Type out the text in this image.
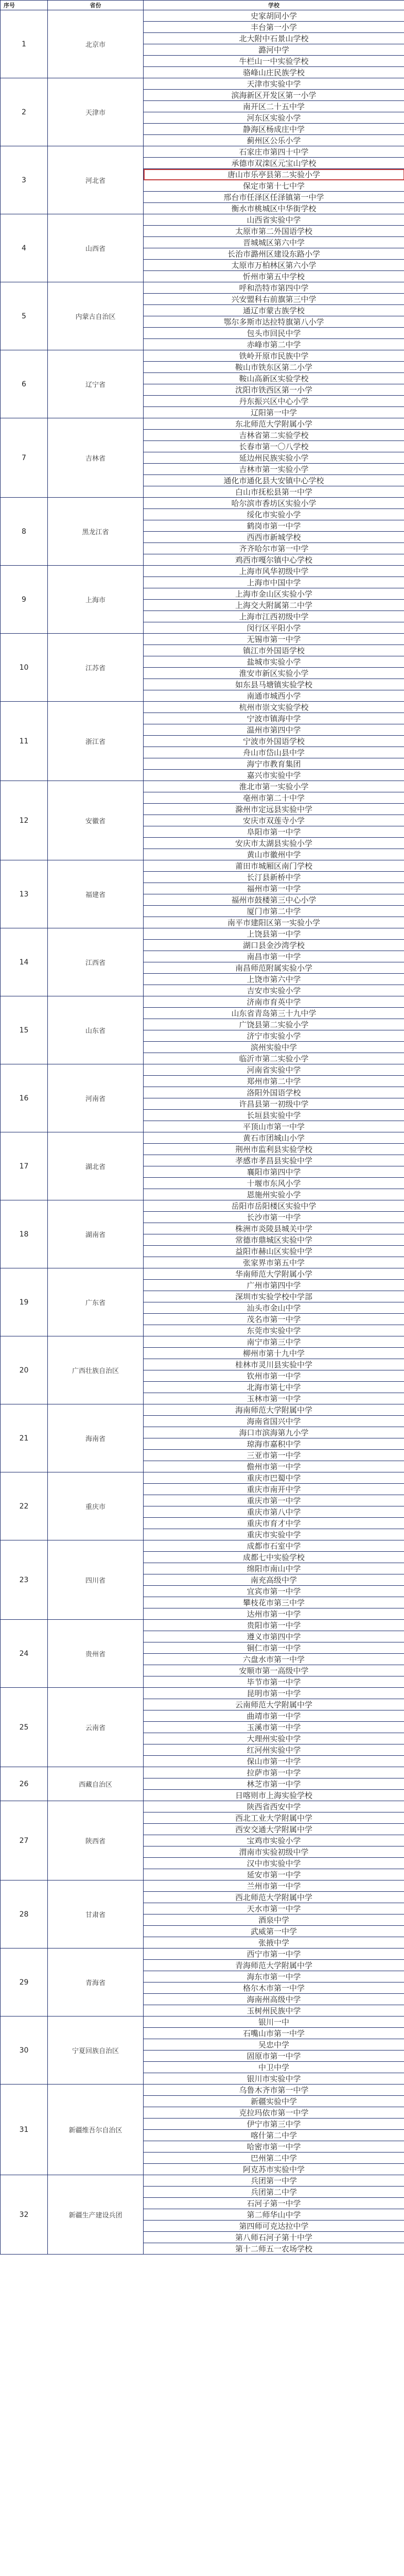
序号	省份	学校
1	北京市	史家胡同小学
		丰台第一小学
		北大附中石景山学校
		潞河中学
		牛栏山一中实验学校
		骆峰山庄民族学校
2	天津市	天津市实验中学
		滨海新区开发区第一小学
		南开区二十五中学
		河东区实验小学
		静海区杨成庄中学
		蓟州区公乐小学
3	河北省	石家庄市第四十中学
		承德市双滦区元宝山学校
		唐山市乐亭县第二实验小学
		保定市第十七中学
		邢台市任泽区任泽镇第一中学
		衡水市桃城区中华街学校
4	山西省	山西省实验中学
		太原市第二外国语学校
		晋城城区第六中学
		长治市潞州区建设东路小学
		太原市万柏林区第六小学
		忻州市第五中学校
5	内蒙古自治区	呼和浩特市第四中学
		兴安盟科右前旗第三中学
		通辽市蒙古族学校
		鄂尔多斯市达拉特旗第八小学
		包头市回民中学
		赤峰市第二中学
6	辽宁省	铁岭开原市民族中学
		鞍山市铁东区第二小学
		鞍山高新区实验学校
		沈阳市铁西区第一小学
		丹东振兴区中心小学
		辽阳第一中学
7	吉林省	东北师范大学附属小学
		吉林省第二实验学校
		长春市第一〇八学校
		延边州民族实验小学
		吉林市第一实验小学
		通化市通化县大安镇中心学校
		白山市抚松县第一中学
8	黑龙江省	哈尔滨市香坊区实验小学
		绥化市实验小学
		鹤岗市第一中学
		西西市新城学校
		齐齐哈尔市第一中学
		鸡西市嘎尔镇中心学校
9	上海市	上海市风华初级中学
		上海市中国中学
		上海市金山区实验小学
		上海交大附属第二中学
		上海市江西初级中学
		闵行区平阳小学
10	江苏省	无锡市第一中学
		镇江市外国语学校
		盐城市实验小学
		淮安市新区实验小学
		如东县马塘镇实验学校
		南通市城西小学
11	浙江省	杭州市崇文实验学校
		宁波市镇海中学
		温州市第四中学
		宁波市外国语学校
		舟山市岱山县中学
		海宁市教育集团
		嘉兴市实验中学
12	安徽省	淮北市第一实验小学
		亳州市第二十中学
		滁州市定远县实验中学
		安庆市双莲寺小学
		阜阳市第一中学
		安庆市太湖县实验小学
		黄山市徽州中学
13	福建省	莆田市城厢区南门学校
		长汀县新桥中学
		福州市第一中学
		福州市鼓楼第三中心小学
		厦门市第二中学
		南平市建阳区第一实验小学
14	江西省	上饶县第一中学
		湖口县金沙湾学校
		南昌市第一中学
		南昌师范附属实验小学
		上饶市第六中学
		吉安市实验小学
15	山东省	济南市育英中学
		山东省青岛第三十九中学
		广饶县第二实验小学
		济宁市实验小学
		滨州实验中学
		临沂市第二实验小学
16	河南省	河南省实验中学
		郑州市第二中学
		洛阳外国语学校
		许昌县第一初级中学
		长垣县实验中学
		平顶山市第一中学
17	湖北省	黄石市团城山小学
		荆州市监利县实验学校
		孝感市孝昌县实验中学
		襄阳市第四中学
		十堰市东风小学
		恩施州实验小学
18	湖南省	岳阳市岳阳楼区实验中学
		长沙市第一中学
		株洲市炎陵县城关中学
		常德市鼎城区实验中学
		益阳市赫山区实验中学
		张家界市第五中学
19	广东省	华南师范大学附属小学
		广州市第四中学
		深圳市实验学校中学部
		汕头市金山中学
		茂名市第一中学
		东莞市实验中学
20	广西壮族自治区	南宁市第三中学
		柳州市第十九中学
		桂林市灵川县实验中学
		钦州市第一中学
		北海市第七中学
		玉林市第一中学
21	海南省	海南师范大学附属中学
		海南省国兴中学
		海口市滨海第九小学
		琼海市嘉积中学
		三亚市第一中学
		儋州市第一中学
22	重庆市	重庆市巴蜀中学
		重庆市南开中学
		重庆市第一中学
		重庆市第八中学
		重庆市育才中学
		重庆市实验中学
23	四川省	成都市石室中学
		成都七中实验学校
		绵阳市南山中学
		南充高级中学
		宜宾市第一中学
		攀枝花市第三中学
		达州市第一中学
24	贵州省	贵阳市第一中学
		遵义市第四中学
		铜仁市第一中学
		六盘水市第一中学
		安顺市第一高级中学
		毕节市第一中学
25	云南省	昆明市第一中学
		云南师范大学附属中学
		曲靖市第一中学
		玉溪市第一中学
		大理州实验中学
		红河州实验中学
		保山市第一中学
26	西藏自治区	拉萨市第一中学
		林芝市第一中学
		日喀则市上海实验学校
27	陕西省	陕西省西安中学
		西北工业大学附属中学
		西安交通大学附属中学
		宝鸡市实验小学
		渭南市实验初级中学
		汉中市实验中学
		延安市第一中学
28	甘肃省	兰州市第一中学
		西北师范大学附属中学
		天水市第一中学
		酒泉中学
		武威第一中学
		张掖中学
29	青海省	西宁市第一中学
		青海师范大学附属中学
		海东市第一中学
		格尔木市第一中学
		海南州高级中学
		玉树州民族中学
30	宁夏回族自治区	银川一中
		石嘴山市第一中学
		吴忠中学
		固原市第一中学
		中卫中学
		银川市实验中学
31	新疆维吾尔自治区	乌鲁木齐市第一中学
		新疆实验中学
		克拉玛依市第一中学
		伊宁市第三中学
		喀什第二中学
		哈密市第一中学
		巴州第二中学
		阿克苏市实验中学
32	新疆生产建设兵团	兵团第一中学
		兵团第二中学
		石河子第一中学
		第二师华山中学
		第四师可克达拉中学
		第八师石河子第十中学
		第十二师五一农场学校
